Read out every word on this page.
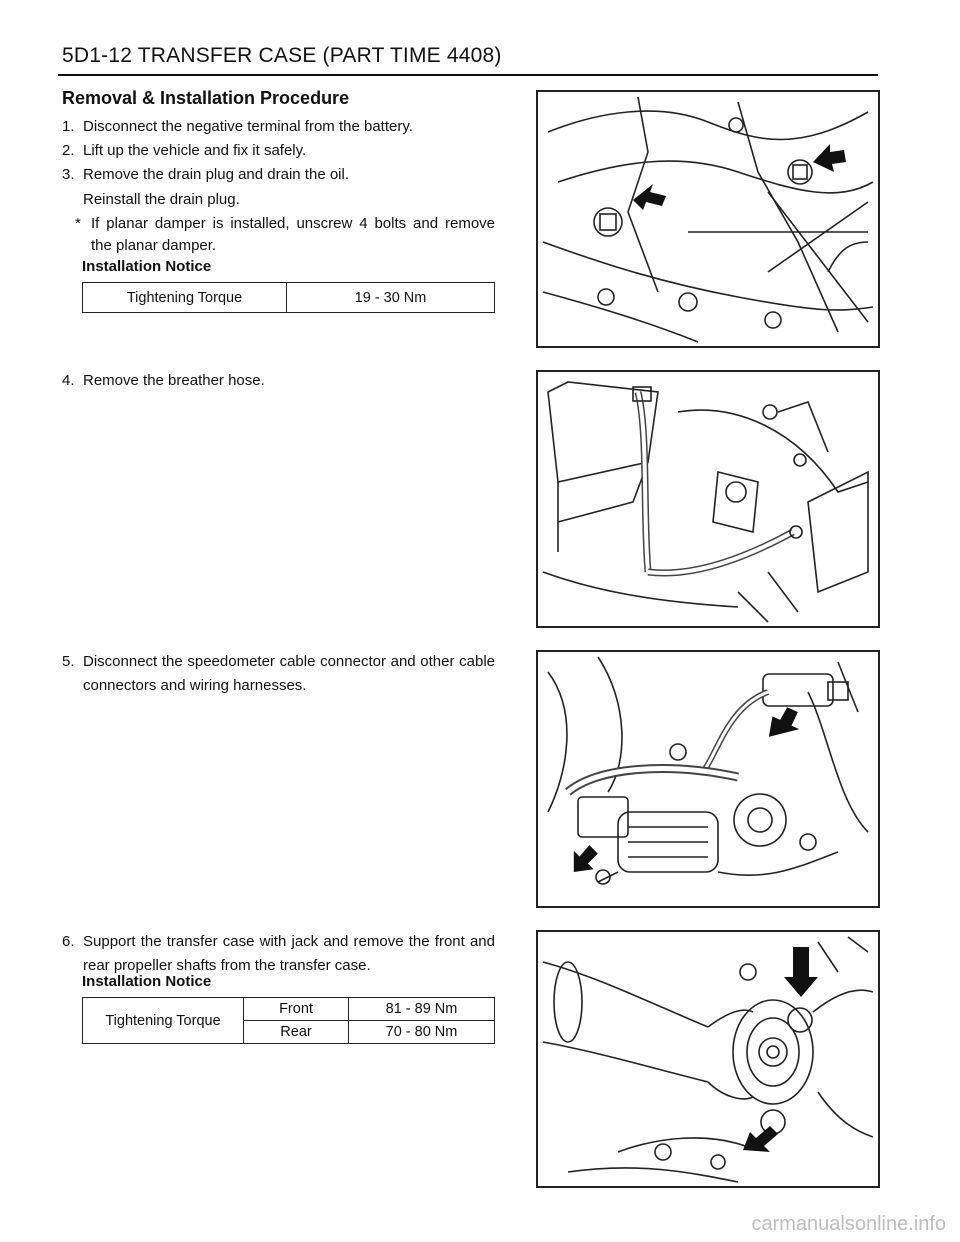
5D1-12 TRANSFER CASE (PART TIME 4408)
Removal & Installation Procedure
1. Disconnect the negative terminal from the battery.
2. Lift up the vehicle and fix it safely.
3. Remove the drain plug and drain the oil.
Reinstall the drain plug.
* If planar damper is installed, unscrew 4 bolts and remove the planar damper.
Installation Notice
Tightening Torque	19 - 30 Nm
4. Remove the breather hose.
5. Disconnect the speedometer cable connector and other cable connectors and wiring harnesses.
6. Support the transfer case with jack and remove the front and rear propeller shafts from the transfer case.
Installation Notice
Tightening Torque	Front	81 - 89 Nm
	Rear	70 - 80 Nm
carmanualsonline.info
